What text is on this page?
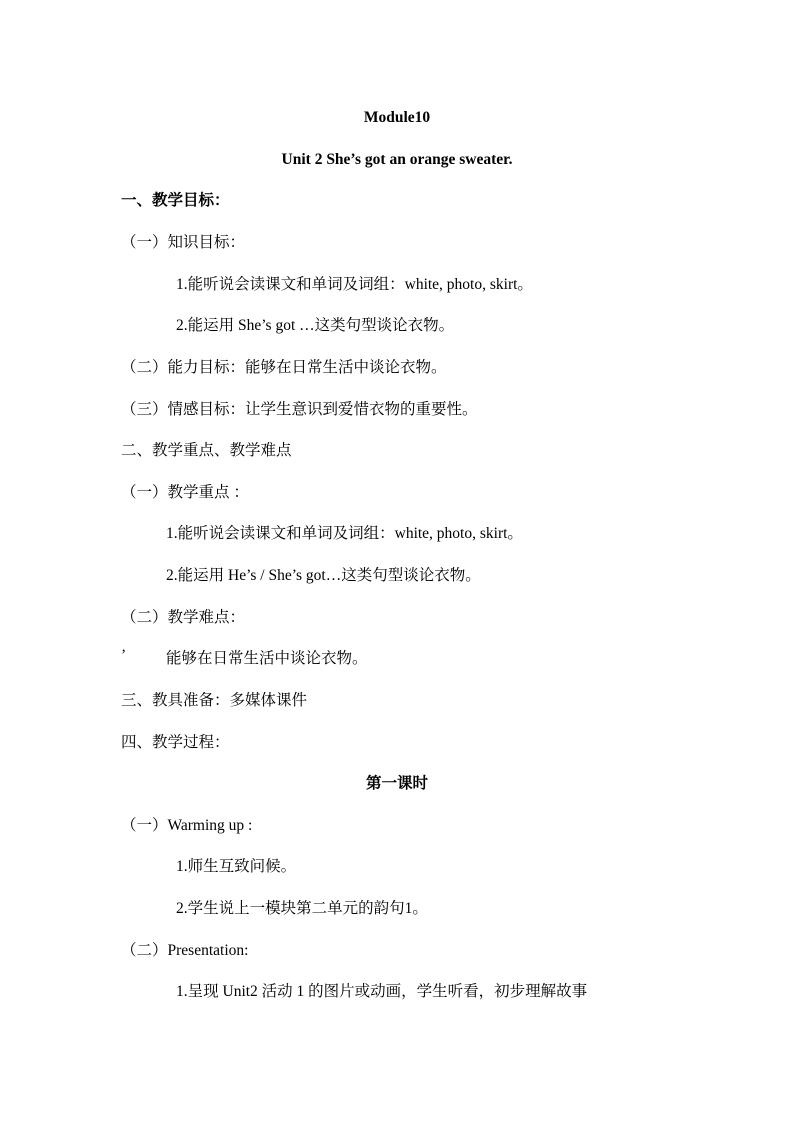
Module10
Unit 2 She’s got an orange sweater.
一、教学目标：
（一）知识目标：
1.能听说会读课文和单词及词组：white, photo, skirt。
2.能运用 She’s got …这类句型谈论衣物。
（二）能力目标：能够在日常生活中谈论衣物。
（三）情感目标：让学生意识到爱惜衣物的重要性。
二、教学重点、教学难点
（一）教学重点 ：
1.能听说会读课文和单词及词组：white, photo, skirt。
2.能运用 He’s / She’s got…这类句型谈论衣物。
（二）教学难点：
’	能够在日常生活中谈论衣物。
三、教具准备：多媒体课件
四、教学过程：
第一课时
（一）Warming up :
1.师生互致问候。
2.学生说上一模块第二单元的韵句1。
（二）Presentation:
1.呈现 Unit2 活动 1 的图片或动画，学生听看，初步理解故事
